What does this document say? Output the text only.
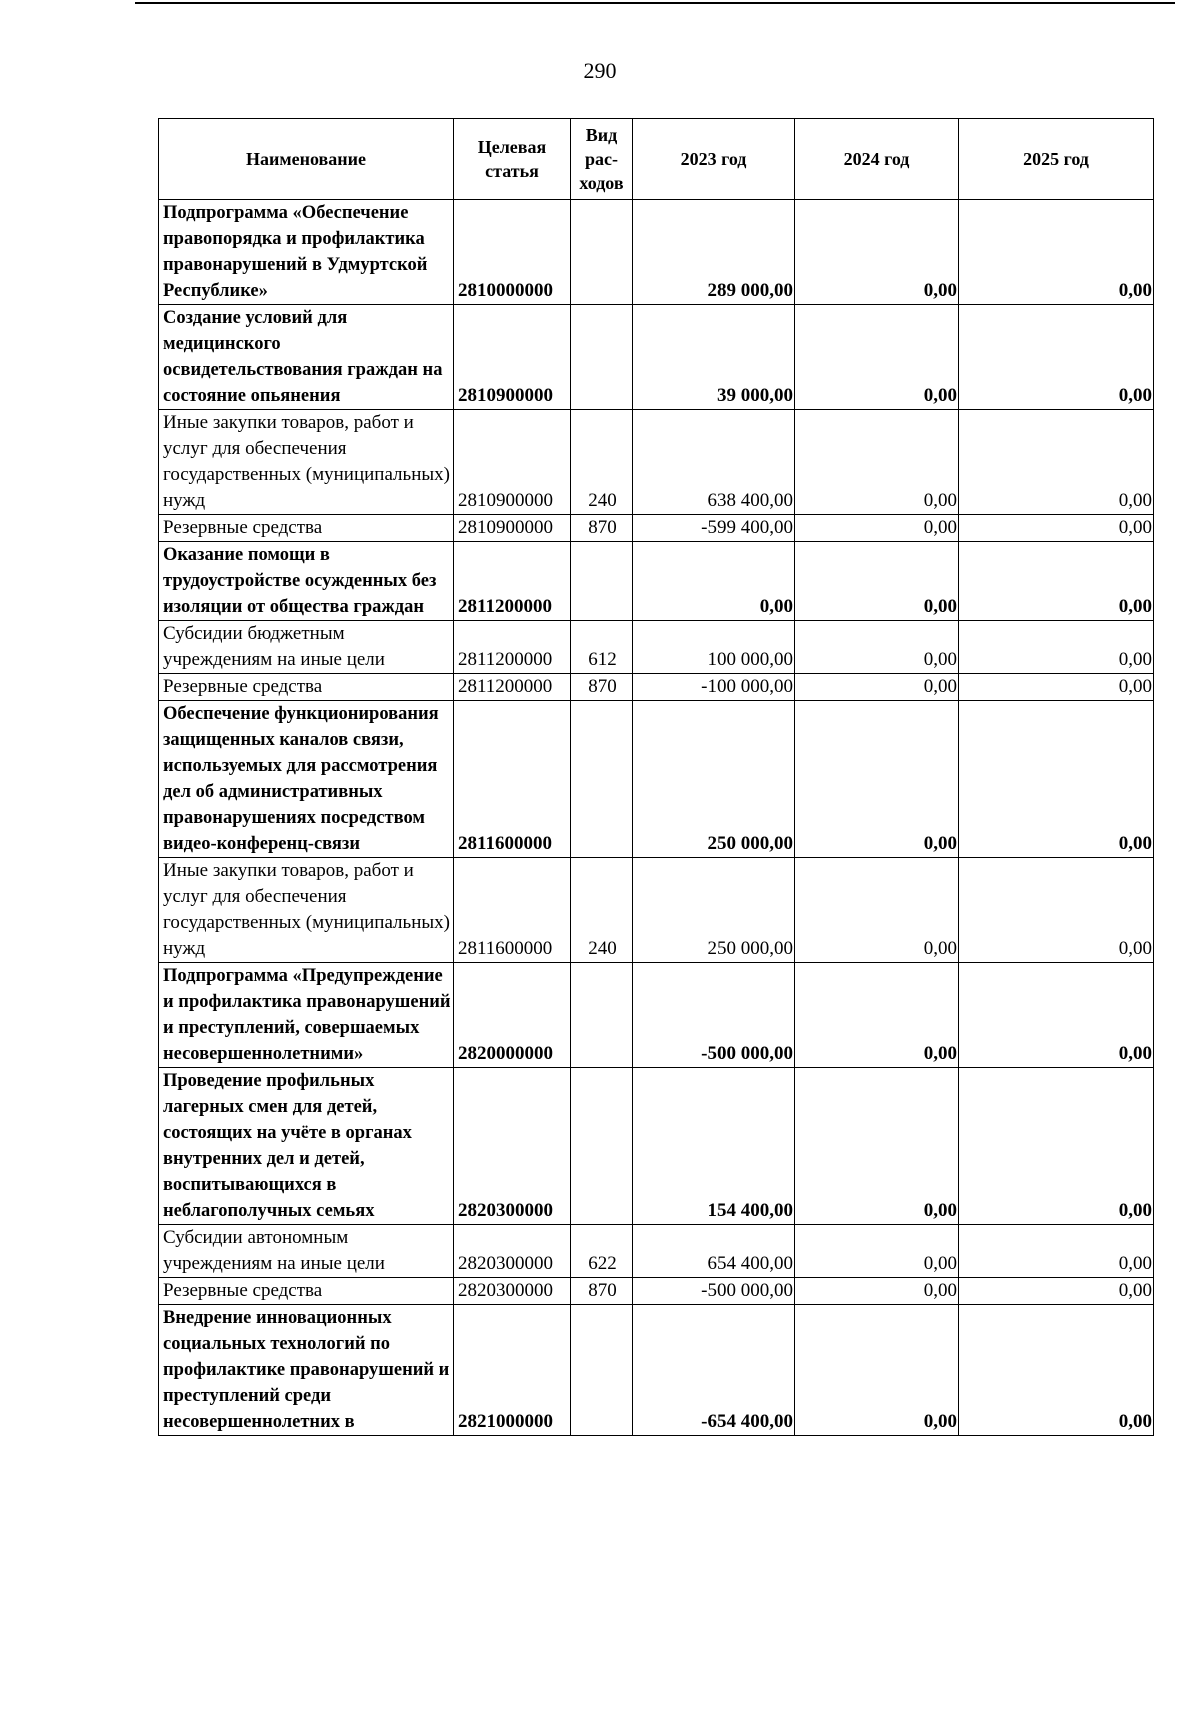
290
Наименование	Целевая статья	Вид рас-ходов	2023 год	2024 год	2025 год
Подпрограмма «Обеспечение правопорядка и профилактика правонарушений в Удмуртской Республике»	2810000000		289 000,00	0,00	0,00
Создание условий для медицинского освидетельствования граждан на состояние опьянения	2810900000		39 000,00	0,00	0,00
Иные закупки товаров, работ и услуг для обеспечения государственных (муниципальных) нужд	2810900000	240	638 400,00	0,00	0,00
Резервные средства	2810900000	870	-599 400,00	0,00	0,00
Оказание помощи в трудоустройстве осужденных без изоляции от общества граждан	2811200000		0,00	0,00	0,00
Субсидии бюджетным учреждениям на иные цели	2811200000	612	100 000,00	0,00	0,00
Резервные средства	2811200000	870	-100 000,00	0,00	0,00
Обеспечение функционирования защищенных каналов связи, используемых для рассмотрения дел об административных правонарушениях посредством видео-конференц-связи	2811600000		250 000,00	0,00	0,00
Иные закупки товаров, работ и услуг для обеспечения государственных (муниципальных) нужд	2811600000	240	250 000,00	0,00	0,00
Подпрограмма «Предупреждение и профилактика правонарушений и преступлений, совершаемых несовершеннолетними»	2820000000		-500 000,00	0,00	0,00
Проведение профильных лагерных смен для детей, состоящих на учёте в органах внутренних дел и детей, воспитывающихся в неблагополучных семьях	2820300000		154 400,00	0,00	0,00
Субсидии автономным учреждениям на иные цели	2820300000	622	654 400,00	0,00	0,00
Резервные средства	2820300000	870	-500 000,00	0,00	0,00
Внедрение инновационных социальных технологий по профилактике правонарушений и преступлений среди несовершеннолетних в	2821000000		-654 400,00	0,00	0,00
